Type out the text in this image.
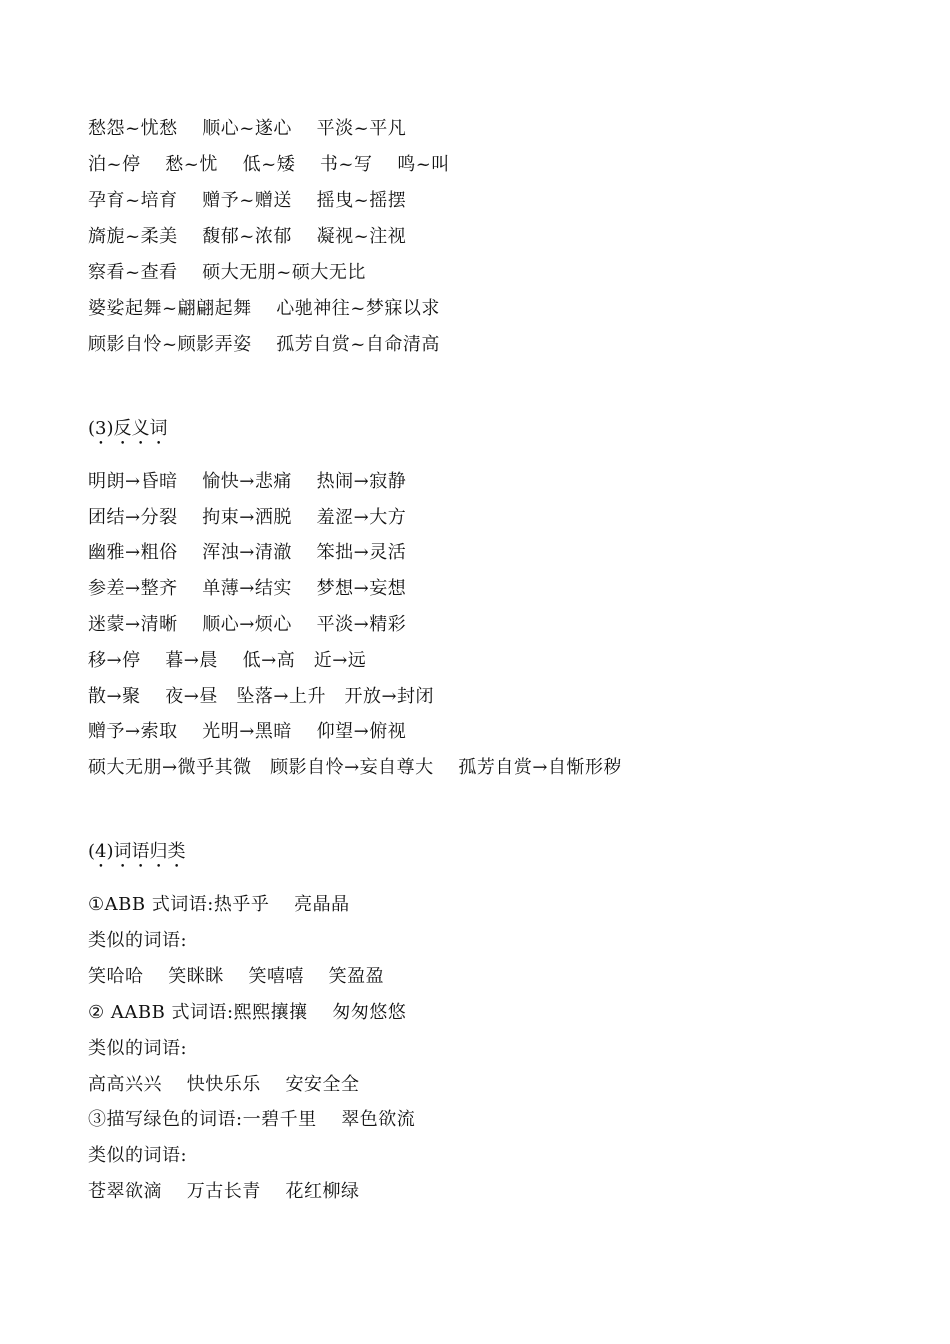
愁怨~忧愁　 顺心~遂心　 平淡~平凡
泊~停　 愁~忧　 低~矮　 书~写　 鸣~叫
孕育~培育　 赠予~赠送　 摇曳~摇摆
旖旎~柔美　 馥郁~浓郁　 凝视~注视
察看~查看　 硕大无朋~硕大无比
婆娑起舞~翩翩起舞　 心驰神往~梦寐以求
顾影自怜~顾影弄姿　 孤芳自赏~自命清高
(3)反义词
明朗→昏暗　 愉快→悲痛　 热闹→寂静
团结→分裂　 拘束→洒脱　 羞涩→大方
幽雅→粗俗　 浑浊→清澈　 笨拙→灵活
参差→整齐　 单薄→结实　 梦想→妄想
迷蒙→清晰　 顺心→烦心　 平淡→精彩
移→停　 暮→晨　 低→高　近→远
散→聚　 夜→昼　坠落→上升　开放→封闭
赠予→索取　 光明→黑暗　 仰望→俯视
硕大无朋→微乎其微　顾影自怜→妄自尊大　 孤芳自赏→自惭形秽
(4)词语归类
①ABB 式词语:热乎乎　 亮晶晶
类似的词语:
笑哈哈　 笑眯眯　 笑嘻嘻　 笑盈盈
② AABB 式词语:熙熙攘攘　 匆匆悠悠
类似的词语:
高高兴兴　 快快乐乐　 安安全全
③描写绿色的词语:一碧千里　 翠色欲流
类似的词语:
苍翠欲滴　 万古长青　 花红柳绿
